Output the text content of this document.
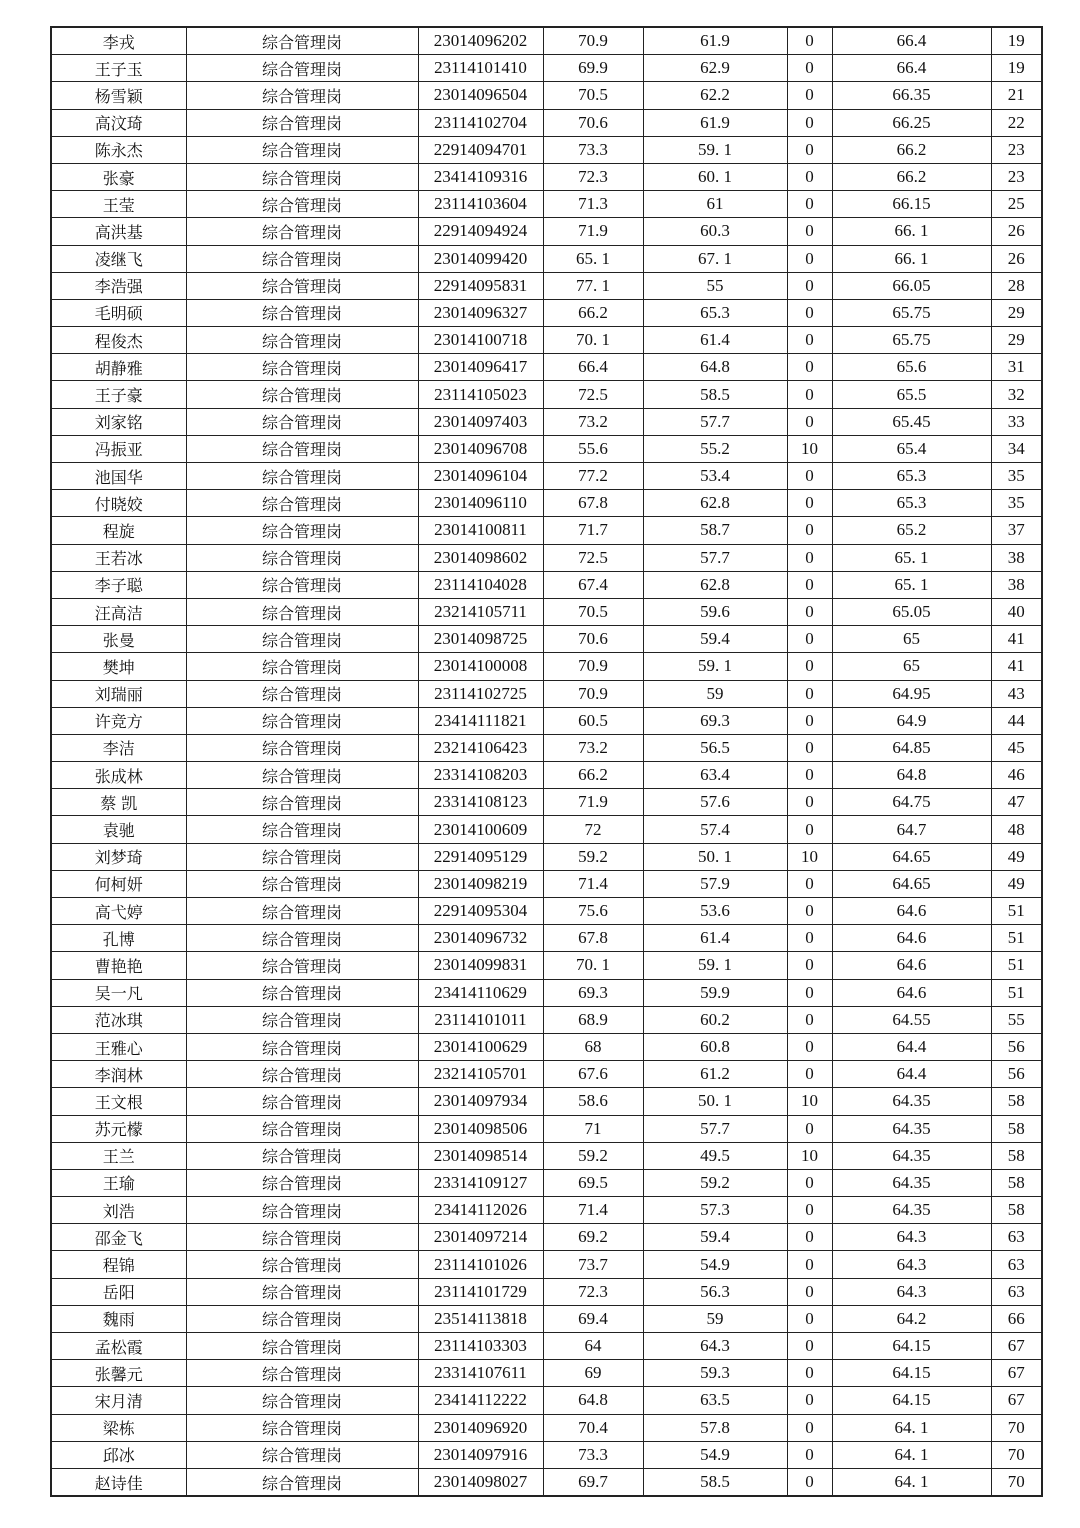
李戎	综合管理岗	23014096202	70.9	61.9	0	66.4	19
王子玉	综合管理岗	23114101410	69.9	62.9	0	66.4	19
杨雪颖	综合管理岗	23014096504	70.5	62.2	0	66.35	21
高汶琦	综合管理岗	23114102704	70.6	61.9	0	66.25	22
陈永杰	综合管理岗	22914094701	73.3	59. 1	0	66.2	23
张豪	综合管理岗	23414109316	72.3	60. 1	0	66.2	23
王莹	综合管理岗	23114103604	71.3	61	0	66.15	25
高洪基	综合管理岗	22914094924	71.9	60.3	0	66. 1	26
凌继飞	综合管理岗	23014099420	65. 1	67. 1	0	66. 1	26
李浩强	综合管理岗	22914095831	77. 1	55	0	66.05	28
毛明硕	综合管理岗	23014096327	66.2	65.3	0	65.75	29
程俊杰	综合管理岗	23014100718	70. 1	61.4	0	65.75	29
胡静雅	综合管理岗	23014096417	66.4	64.8	0	65.6	31
王子豪	综合管理岗	23114105023	72.5	58.5	0	65.5	32
刘家铭	综合管理岗	23014097403	73.2	57.7	0	65.45	33
冯振亚	综合管理岗	23014096708	55.6	55.2	10	65.4	34
池国华	综合管理岗	23014096104	77.2	53.4	0	65.3	35
付晓姣	综合管理岗	23014096110	67.8	62.8	0	65.3	35
程旋	综合管理岗	23014100811	71.7	58.7	0	65.2	37
王若冰	综合管理岗	23014098602	72.5	57.7	0	65. 1	38
李子聪	综合管理岗	23114104028	67.4	62.8	0	65. 1	38
汪高洁	综合管理岗	23214105711	70.5	59.6	0	65.05	40
张曼	综合管理岗	23014098725	70.6	59.4	0	65	41
樊坤	综合管理岗	23014100008	70.9	59. 1	0	65	41
刘瑞丽	综合管理岗	23114102725	70.9	59	0	64.95	43
许竞方	综合管理岗	23414111821	60.5	69.3	0	64.9	44
李洁	综合管理岗	23214106423	73.2	56.5	0	64.85	45
张成林	综合管理岗	23314108203	66.2	63.4	0	64.8	46
蔡 凯	综合管理岗	23314108123	71.9	57.6	0	64.75	47
袁驰	综合管理岗	23014100609	72	57.4	0	64.7	48
刘梦琦	综合管理岗	22914095129	59.2	50. 1	10	64.65	49
何柯妍	综合管理岗	23014098219	71.4	57.9	0	64.65	49
高弋婷	综合管理岗	22914095304	75.6	53.6	0	64.6	51
孔博	综合管理岗	23014096732	67.8	61.4	0	64.6	51
曹艳艳	综合管理岗	23014099831	70. 1	59. 1	0	64.6	51
吴一凡	综合管理岗	23414110629	69.3	59.9	0	64.6	51
范冰琪	综合管理岗	23114101011	68.9	60.2	0	64.55	55
王雅心	综合管理岗	23014100629	68	60.8	0	64.4	56
李润林	综合管理岗	23214105701	67.6	61.2	0	64.4	56
王文根	综合管理岗	23014097934	58.6	50. 1	10	64.35	58
苏元檬	综合管理岗	23014098506	71	57.7	0	64.35	58
王兰	综合管理岗	23014098514	59.2	49.5	10	64.35	58
王瑜	综合管理岗	23314109127	69.5	59.2	0	64.35	58
刘浩	综合管理岗	23414112026	71.4	57.3	0	64.35	58
邵金飞	综合管理岗	23014097214	69.2	59.4	0	64.3	63
程锦	综合管理岗	23114101026	73.7	54.9	0	64.3	63
岳阳	综合管理岗	23114101729	72.3	56.3	0	64.3	63
魏雨	综合管理岗	23514113818	69.4	59	0	64.2	66
孟松霞	综合管理岗	23114103303	64	64.3	0	64.15	67
张馨元	综合管理岗	23314107611	69	59.3	0	64.15	67
宋月清	综合管理岗	23414112222	64.8	63.5	0	64.15	67
梁栋	综合管理岗	23014096920	70.4	57.8	0	64. 1	70
邱冰	综合管理岗	23014097916	73.3	54.9	0	64. 1	70
赵诗佳	综合管理岗	23014098027	69.7	58.5	0	64. 1	70
